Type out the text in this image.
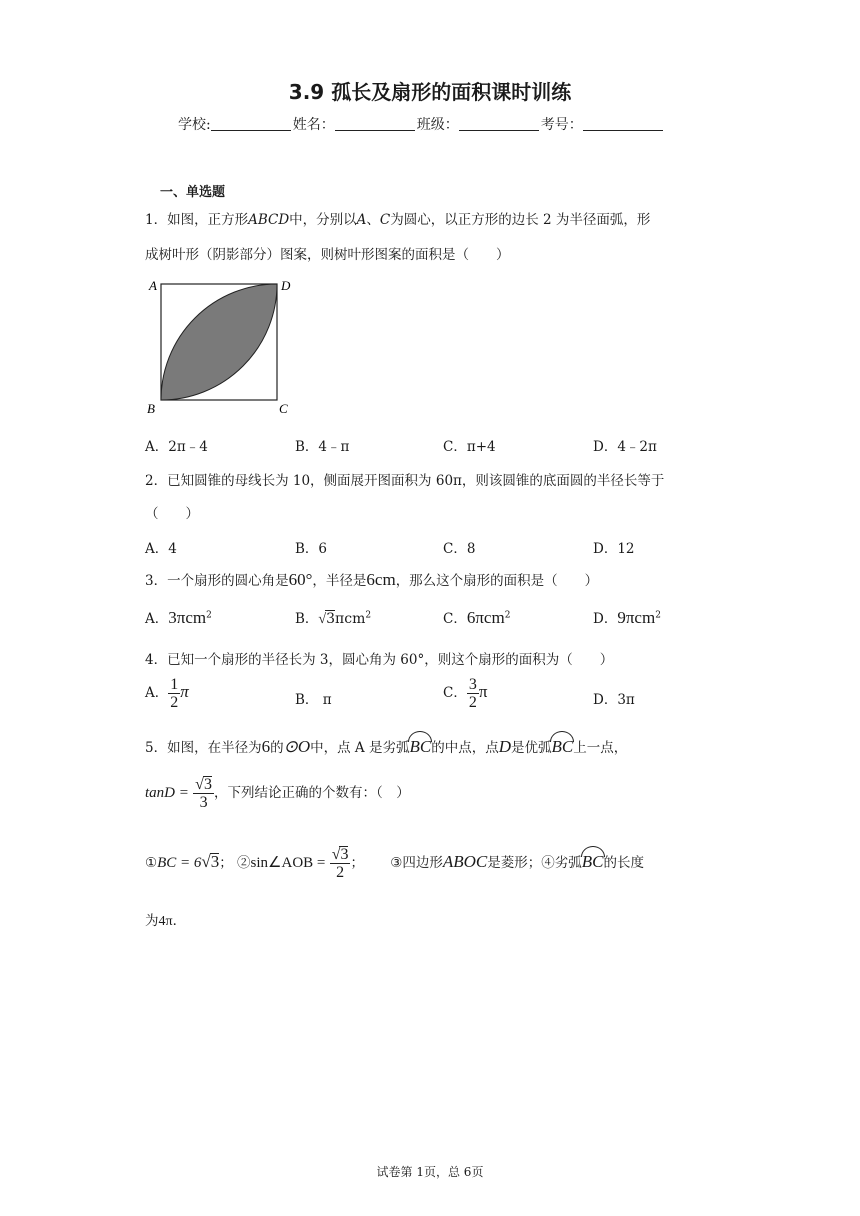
3.9 孤长及扇形的面积课时训练
学校:	姓名：	班级：	考号：
一、单选题
1．如图，正方形ABCD中，分别以A、C为圆心，以正方形的边长 2 为半径面弧，形
成树叶形（阴影部分）图案，则树叶形图案的面积是（　　）
A	D
B	C
A．2π﹣4	B．4﹣π	C．π+4	D．4﹣2π
2．已知圆锥的母线长为 10，侧面展开图面积为 60π，则该圆锥的底面圆的半径长等于
（　　）
A．4	B．6	C．8	D．12
3．一个扇形的圆心角是60°，半径是6cm，那么这个扇形的面积是（　　）
A．3πcm$^2$	B．√3πcm$^2$	C．6πcm$^2$	D．9πcm$^2$
4．已知一个扇形的半径长为 3，圆心角为 60°，则这个扇形的面积为（　　）
A． $\frac{1}{2}$ π	B． π	C． $\frac{3}{2}$ π	D．3π
5．如图，在半径为6的⊙O中，点 A 是劣弧BC的中点，点D是优弧BC上一点，
$\tan D = \frac{√3}{3}$ ，下列结论正确的个数有：（　）
①BC = 6√3； ②sin∠AOB = $\frac{√3}{2}$ ； ③四边形ABOC是菱形；④劣弧BC的长度
为4π．
试卷第 1页，总 6页
